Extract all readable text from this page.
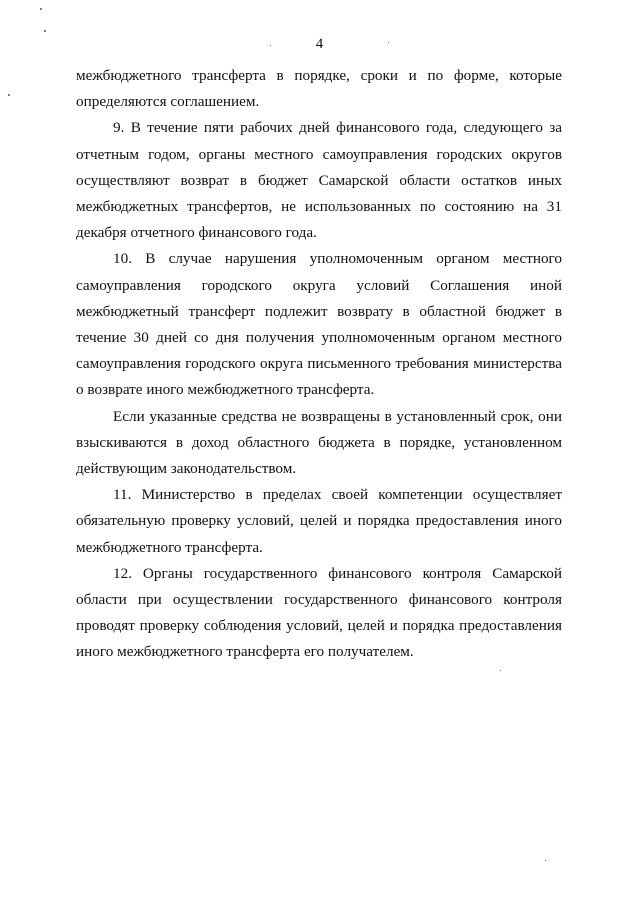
4

межбюджетного трансферта в порядке, сроки и по форме, которые определяются соглашением.

9. В течение пяти рабочих дней финансового года, следующего за отчетным годом, органы местного самоуправления городских округов осуществляют возврат в бюджет Самарской области остатков иных межбюджетных трансфертов, не использованных по состоянию на 31 декабря отчетного финансового года.

10. В случае нарушения уполномоченным органом местного самоуправления городского округа условий Соглашения иной межбюджетный трансферт подлежит возврату в областной бюджет в течение 30 дней со дня получения уполномоченным органом местного самоуправления городского округа письменного требования министерства о возврате иного межбюджетного трансферта.

Если указанные средства не возвращены в установленный срок, они взыскиваются в доход областного бюджета в порядке, установленном действующим законодательством.

11. Министерство в пределах своей компетенции осуществляет обязательную проверку условий, целей и порядка предоставления иного межбюджетного трансферта.

12. Органы государственного финансового контроля Самарской области при осуществлении государственного финансового контроля проводят проверку соблюдения условий, целей и порядка предоставления иного межбюджетного трансферта его получателем.
